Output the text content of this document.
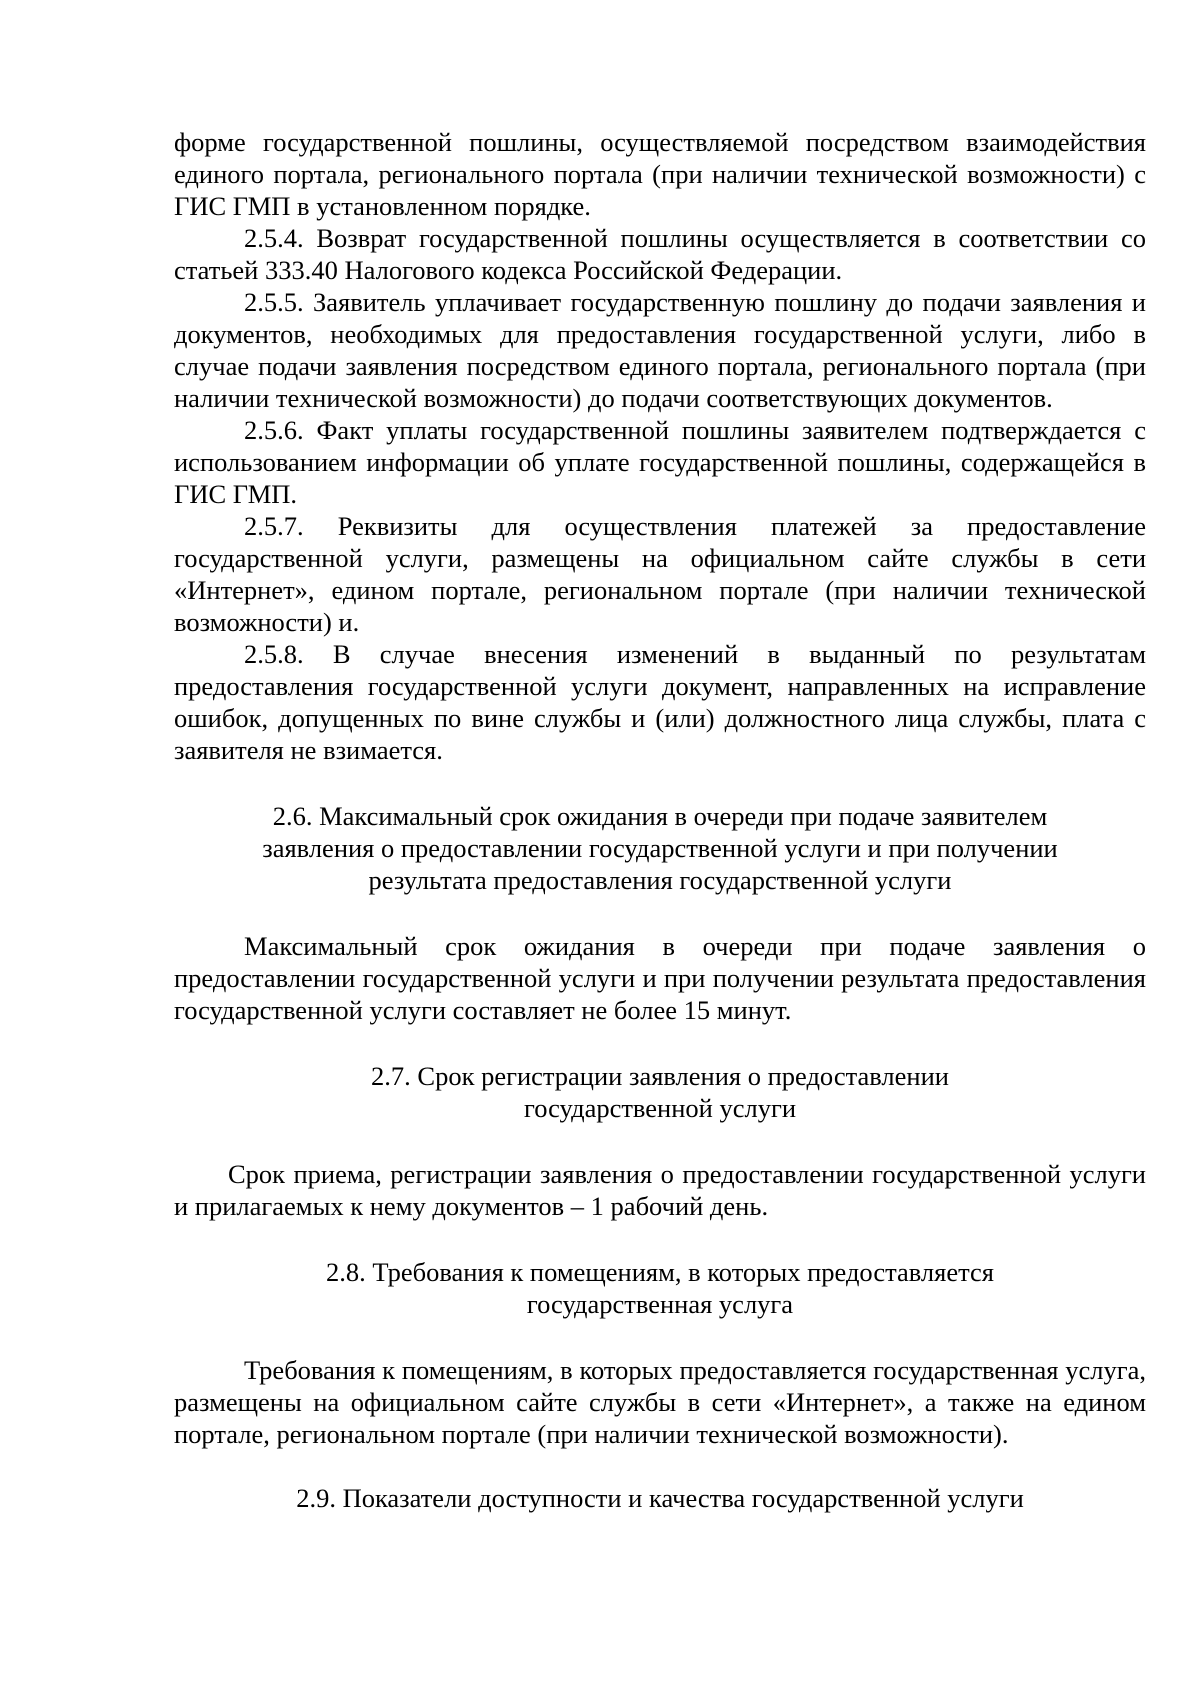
форме государственной пошлины, осуществляемой посредством взаимодействия единого портала, регионального портала (при наличии технической возможности) с ГИС ГМП в установленном порядке.

2.5.4. Возврат государственной пошлины осуществляется в соответствии со статьей 333.40 Налогового кодекса Российской Федерации.

2.5.5. Заявитель уплачивает государственную пошлину до подачи заявления и документов, необходимых для предоставления государственной услуги, либо в случае подачи заявления посредством единого портала, регионального портала (при наличии технической возможности) до подачи соответствующих документов.

2.5.6. Факт уплаты государственной пошлины заявителем подтверждается с использованием информации об уплате государственной пошлины, содержащейся в ГИС ГМП.

2.5.7. Реквизиты для осуществления платежей за предоставление государственной услуги, размещены на официальном сайте службы в сети «Интернет», едином портале, региональном портале (при наличии технической возможности) и.

2.5.8. В случае внесения изменений в выданный по результатам предоставления государственной услуги документ, направленных на исправление ошибок, допущенных по вине службы и (или) должностного лица службы, плата с заявителя не взимается.

2.6. Максимальный срок ожидания в очереди при подаче заявителем
заявления о предоставлении государственной услуги и при получении
результата предоставления государственной услуги

Максимальный срок ожидания в очереди при подаче заявления о предоставлении государственной услуги и при получении результата предоставления государственной услуги составляет не более 15 минут.

2.7. Срок регистрации заявления о предоставлении
государственной услуги

Срок приема, регистрации заявления о предоставлении государственной услуги и прилагаемых к нему документов – 1 рабочий день.

2.8. Требования к помещениям, в которых предоставляется
государственная услуга

Требования к помещениям, в которых предоставляется государственная услуга, размещены на официальном сайте службы в сети «Интернет», а также на едином портале, региональном портале (при наличии технической возможности).

2.9. Показатели доступности и качества государственной услуги
